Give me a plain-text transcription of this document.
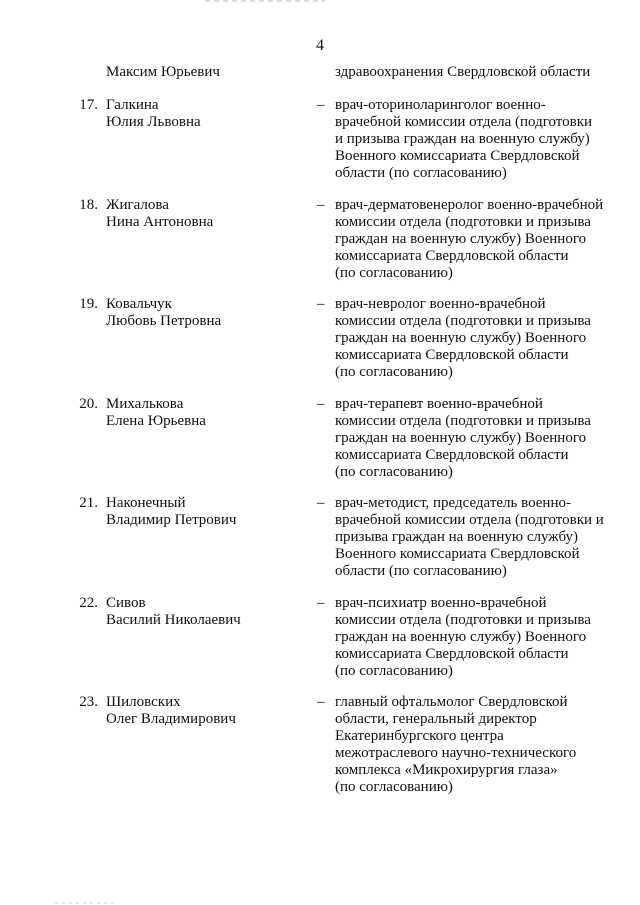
4
Максим Юрьевич	здравоохранения Свердловской области
17. Галкина
Юлия Львовна
– врач-оториноларинголог военно-
врачебной комиссии отдела (подготовки
и призыва граждан на военную службу)
Военного комиссариата Свердловской
области (по согласованию)
18. Жигалова
Нина Антоновна
– врач-дерматовенеролог военно-врачебной
комиссии отдела (подготовки и призыва
граждан на военную службу) Военного
комиссариата Свердловской области
(по согласованию)
19. Ковальчук
Любовь Петровна
– врач-невролог военно-врачебной
комиссии отдела (подготовки и призыва
граждан на военную службу) Военного
комиссариата Свердловской области
(по согласованию)
20. Михалькова
Елена Юрьевна
– врач-терапевт военно-врачебной
комиссии отдела (подготовки и призыва
граждан на военную службу) Военного
комиссариата Свердловской области
(по согласованию)
21. Наконечный
Владимир Петрович
– врач-методист, председатель военно-
врачебной комиссии отдела (подготовки и
призыва граждан на военную службу)
Военного комиссариата Свердловской
области (по согласованию)
22. Сивов
Василий Николаевич
– врач-психиатр военно-врачебной
комиссии отдела (подготовки и призыва
граждан на военную службу) Военного
комиссариата Свердловской области
(по согласованию)
23. Шиловских
Олег Владимирович
– главный офтальмолог Свердловской
области, генеральный директор
Екатеринбургского центра
межотраслевого научно-технического
комплекса «Микрохирургия глаза»
(по согласованию)
